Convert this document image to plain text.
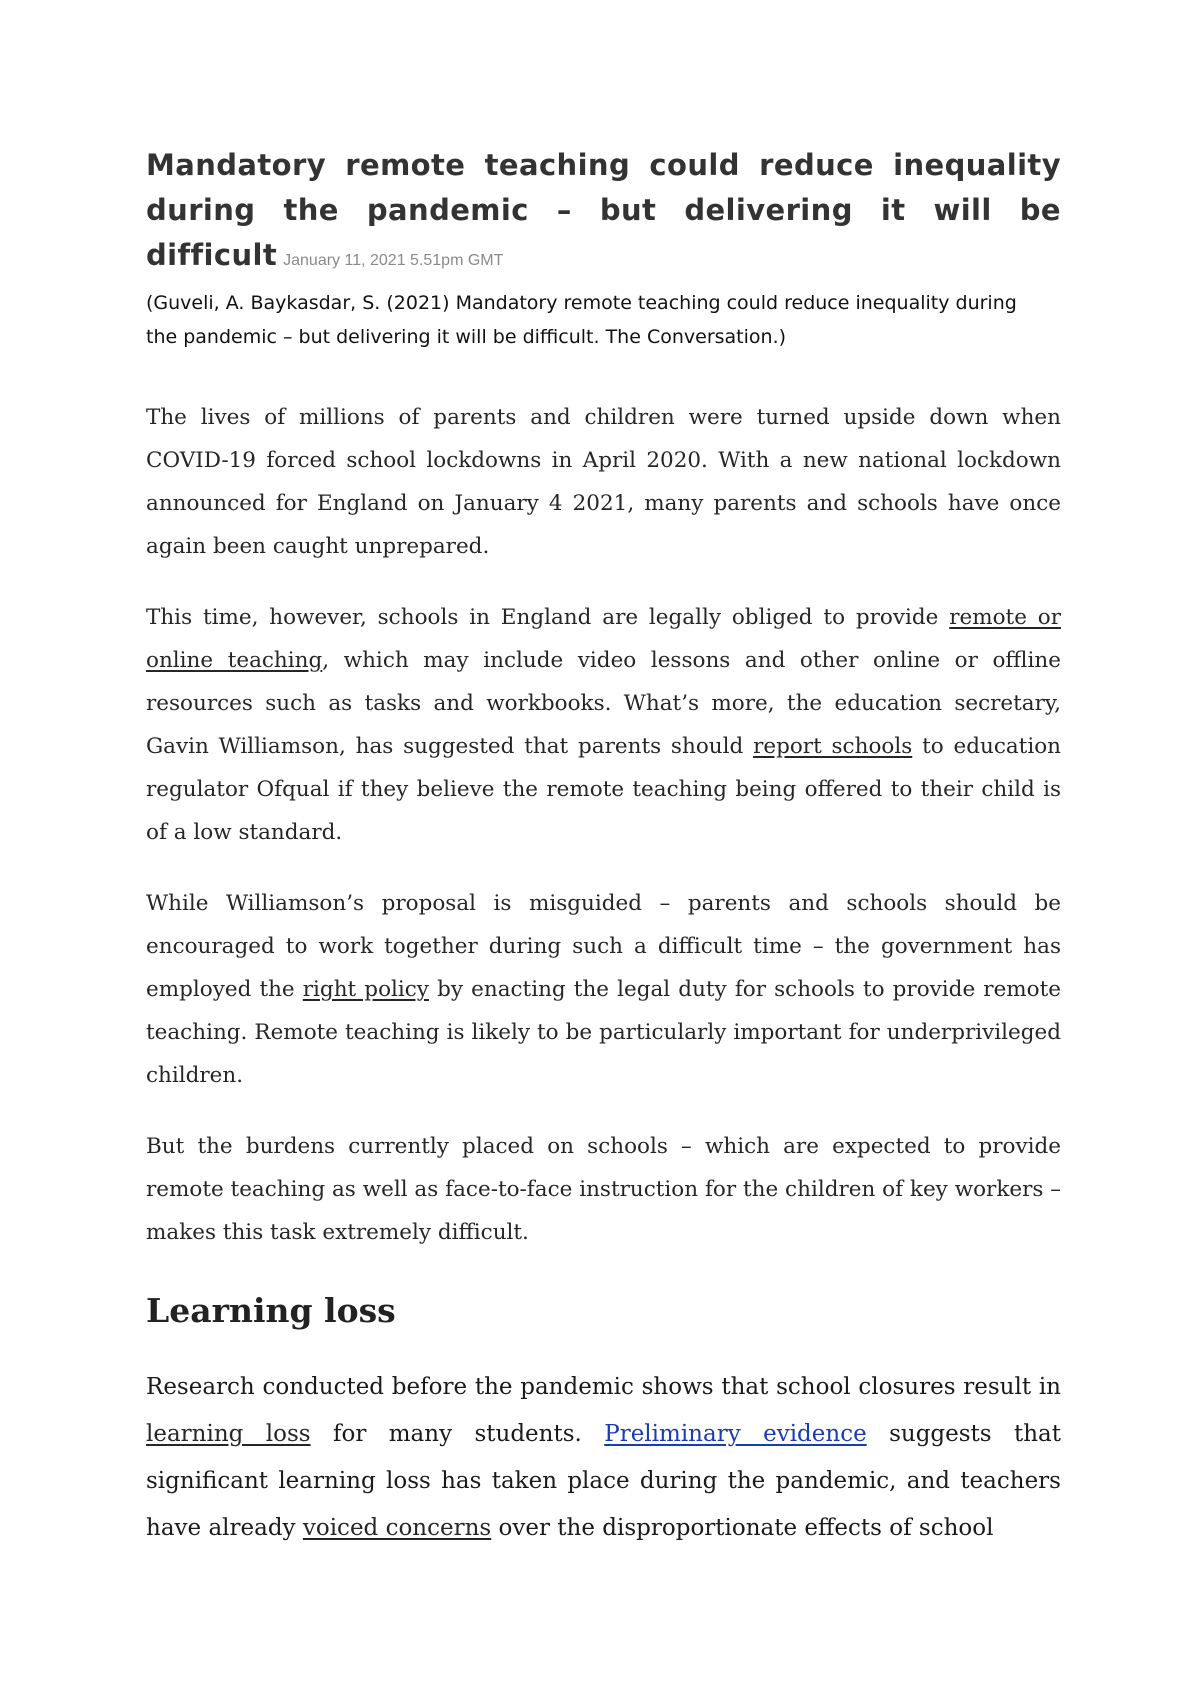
Mandatory remote teaching could reduce inequality during the pandemic – but delivering it will be difficult January 11, 2021 5.51pm GMT

(Guveli, A. Baykasdar, S. (2021) Mandatory remote teaching could reduce inequality during the pandemic – but delivering it will be difficult. The Conversation.)

The lives of millions of parents and children were turned upside down when COVID-19 forced school lockdowns in April 2020. With a new national lockdown announced for England on January 4 2021, many parents and schools have once again been caught unprepared.

This time, however, schools in England are legally obliged to provide remote or online teaching, which may include video lessons and other online or offline resources such as tasks and workbooks. What’s more, the education secretary, Gavin Williamson, has suggested that parents should report schools to education regulator Ofqual if they believe the remote teaching being offered to their child is of a low standard.

While Williamson’s proposal is misguided – parents and schools should be encouraged to work together during such a difficult time – the government has employed the right policy by enacting the legal duty for schools to provide remote teaching. Remote teaching is likely to be particularly important for underprivileged children.

But the burdens currently placed on schools – which are expected to provide remote teaching as well as face-to-face instruction for the children of key workers – makes this task extremely difficult.

Learning loss

Research conducted before the pandemic shows that school closures result in learning loss for many students. Preliminary evidence suggests that significant learning loss has taken place during the pandemic, and teachers have already voiced concerns over the disproportionate effects of school
